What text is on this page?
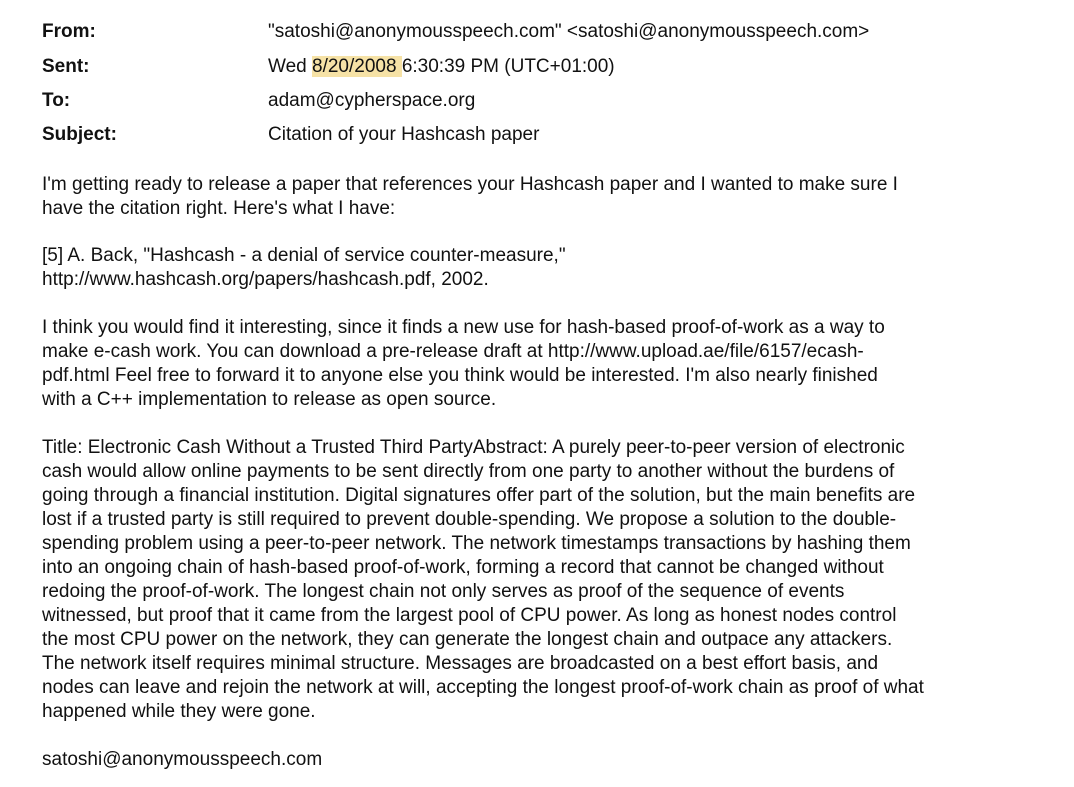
From:	"satoshi@anonymousspeech.com" <satoshi@anonymousspeech.com>
Sent:	Wed 8/20/2008 6:30:39 PM (UTC+01:00)
To:	adam@cypherspace.org
Subject:	Citation of your Hashcash paper
I'm getting ready to release a paper that references your Hashcash paper and I wanted to make sure I
have the citation right. Here's what I have:
[5] A. Back, "Hashcash - a denial of service counter-measure,"
http://www.hashcash.org/papers/hashcash.pdf, 2002.
I think you would find it interesting, since it finds a new use for hash-based proof-of-work as a way to
make e-cash work. You can download a pre-release draft at http://www.upload.ae/file/6157/ecash-
pdf.html Feel free to forward it to anyone else you think would be interested. I'm also nearly finished
with a C++ implementation to release as open source.
Title: Electronic Cash Without a Trusted Third PartyAbstract: A purely peer-to-peer version of electronic
cash would allow online payments to be sent directly from one party to another without the burdens of
going through a financial institution. Digital signatures offer part of the solution, but the main benefits are
lost if a trusted party is still required to prevent double-spending. We propose a solution to the double-
spending problem using a peer-to-peer network. The network timestamps transactions by hashing them
into an ongoing chain of hash-based proof-of-work, forming a record that cannot be changed without
redoing the proof-of-work. The longest chain not only serves as proof of the sequence of events
witnessed, but proof that it came from the largest pool of CPU power. As long as honest nodes control
the most CPU power on the network, they can generate the longest chain and outpace any attackers.
The network itself requires minimal structure. Messages are broadcasted on a best effort basis, and
nodes can leave and rejoin the network at will, accepting the longest proof-of-work chain as proof of what
happened while they were gone.
satoshi@anonymousspeech.com
